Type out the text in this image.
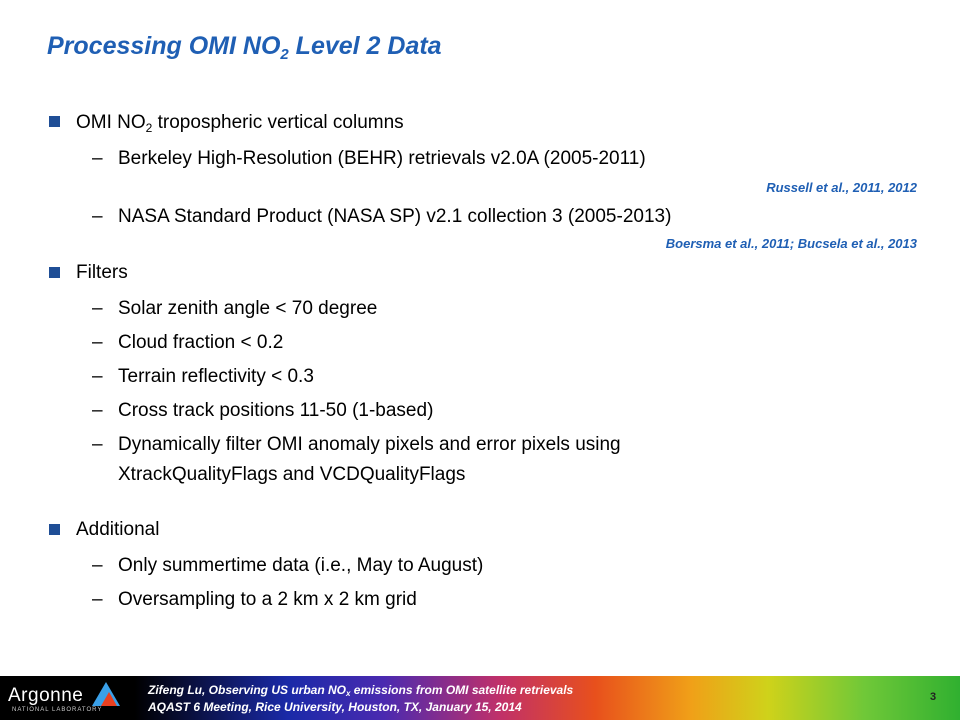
Processing OMI $NO_2$ Level 2 Data
OMI $NO_2$ tropospheric vertical columns
– Berkeley High-Resolution (BEHR) retrievals v2.0A (2005-2011)
Russell et al., 2011, 2012
– NASA Standard Product (NASA SP) v2.1 collection 3 (2005-2013)
Boersma et al., 2011; Bucsela et al., 2013
Filters
– Solar zenith angle < 70 degree
– Cloud fraction < 0.2
– Terrain reflectivity < 0.3
– Cross track positions 11-50 (1-based)
– Dynamically filter OMI anomaly pixels and error pixels using
XtrackQualityFlags and VCDQualityFlags
Additional
– Only summertime data (i.e., May to August)
– Oversampling to a 2 km x 2 km grid
Argonne
NATIONAL LABORATORY
Zifeng Lu, Observing US urban $NO_x$ emissions from OMI satellite retrievals
AQAST 6 Meeting, Rice University, Houston, TX, January 15, 2014
3
